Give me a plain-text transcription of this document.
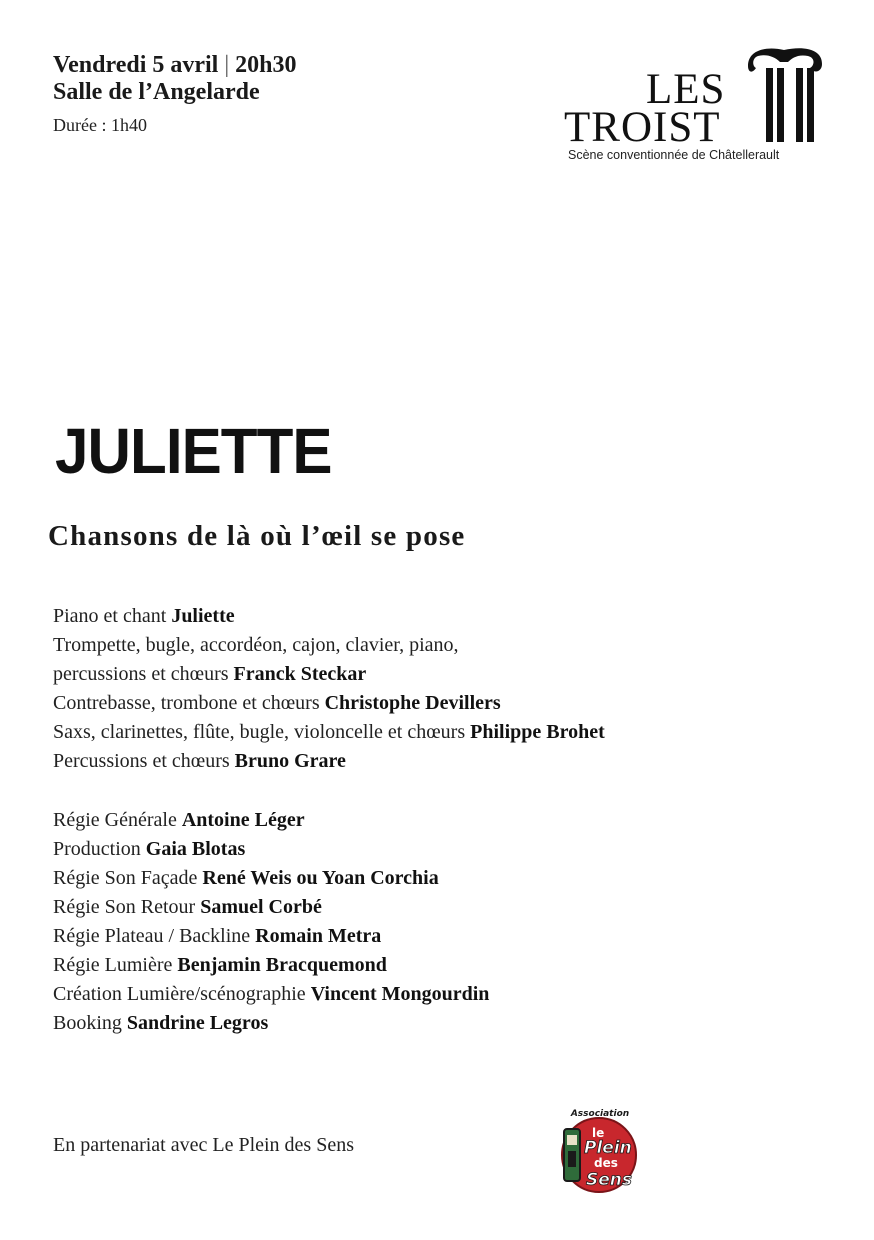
Vendredi 5 avril | 20h30
Salle de l’Angelarde
Durée : 1h40
LES
TROIST
Scène conventionnée de Châtellerault
JULIETTE
Chansons de là où l’œil se pose
Piano et chant Juliette
Trompette, bugle, accordéon, cajon, clavier, piano,
percussions et chœurs Franck Steckar
Contrebasse, trombone et chœurs Christophe Devillers
Saxs, clarinettes, flûte, bugle, violoncelle et chœurs Philippe Brohet
Percussions et chœurs Bruno Grare
Régie Générale Antoine Léger
Production Gaia Blotas
Régie Son Façade René Weis ou Yoan Corchia
Régie Son Retour Samuel Corbé
Régie Plateau / Backline Romain Metra
Régie Lumière Benjamin Bracquemond
Création Lumière/scénographie Vincent Mongourdin
Booking Sandrine Legros
En partenariat avec Le Plein des Sens
Association
le
Plein
des
Sens
